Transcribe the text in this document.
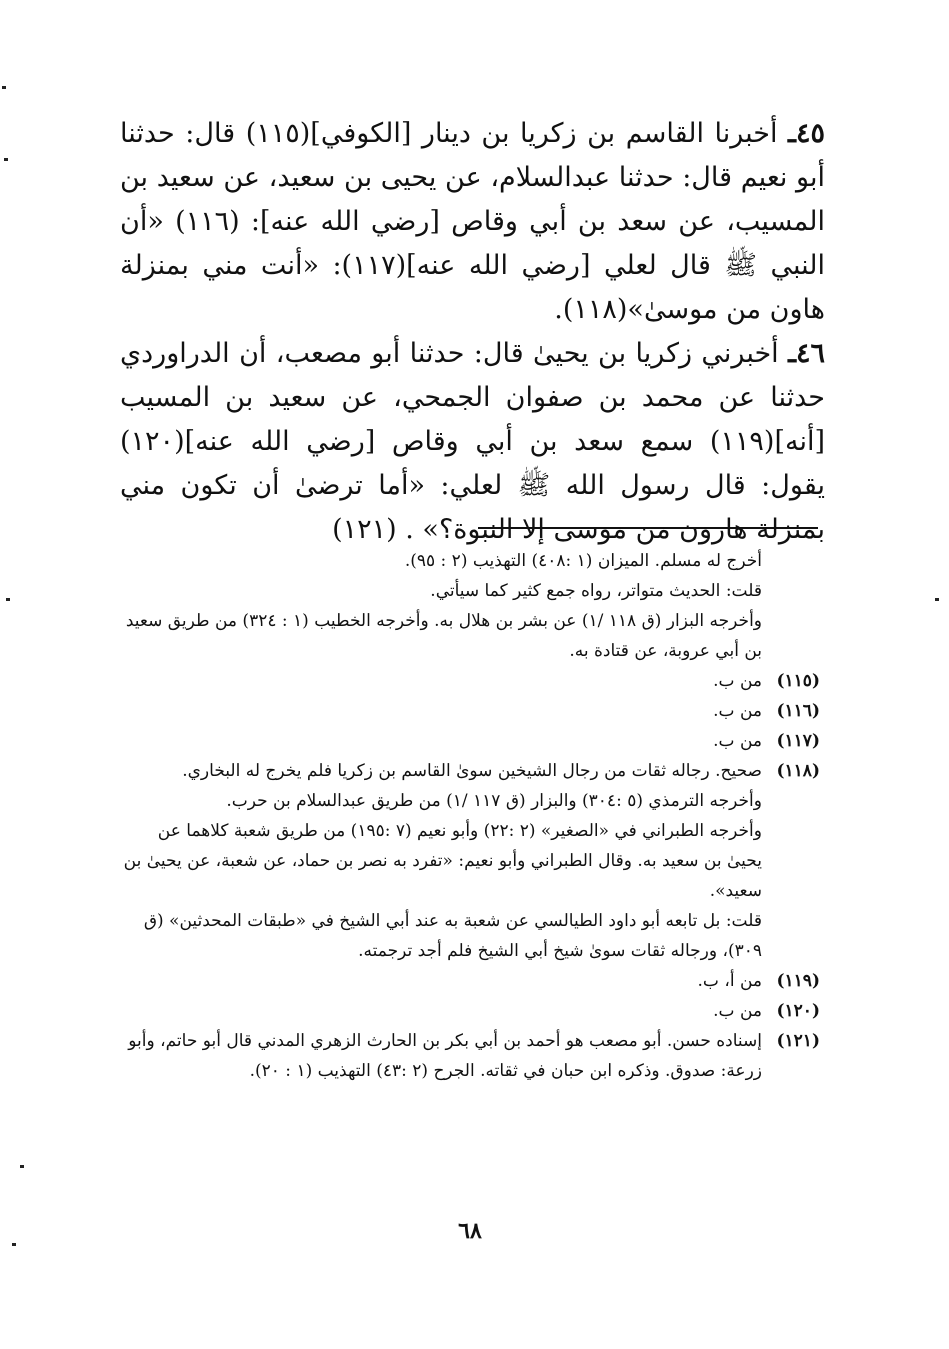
٤٥ـ أخبرنا القاسم بن زكريا بن دينار [الكوفي](١١٥) قال: حدثنا أبو نعيم قال: حدثنا عبدالسلام، عن يحيى بن سعيد، عن سعيد بن المسيب، عن سعد بن أبي وقاص [رضي الله عنه]: (١١٦) «أن النبي ﷺ قال لعلي [رضي الله عنه](١١٧): «أنت مني بمنزلة هاون من موسىٰ»(١١٨).

٤٦ـ أخبرني زكريا بن يحيىٰ قال: حدثنا أبو مصعب، أن الدراوردي حدثنا عن محمد بن صفوان الجمحي، عن سعيد بن المسيب [أنه](١١٩) سمع سعد بن أبي وقاص [رضي الله عنه](١٢٠) يقول: قال رسول الله ﷺ لعلي: «أما ترضىٰ أن تكون مني بمنزلة هارون من موسى إلا النبوة؟» . (١٢١)

أخرج له مسلم. الميزان (١ :٤٠٨) التهذيب (٢ : ٩٥).

قلت: الحديث متواتر، رواه جمع كثير كما سيأتي.

وأخرجه البزار (ق ١١٨ /١) عن بشر بن هلال به. وأخرجه الخطيب (١ : ٣٢٤) من طريق سعيد بن أبي عروبة، عن قتادة به.

(١١٥)
من ب.
(١١٦)
من ب.
(١١٧)
من ب.
(١١٨)
صحيح. رجاله ثقات من رجال الشيخين سوىٰ القاسم بن زكريا فلم يخرج له البخاري.
وأخرجه الترمذي (٥ :٣٠٤) والبزار (ق ١١٧ /١) من طريق عبدالسلام بن حرب.
وأخرجه الطبراني في «الصغير» (٢ :٢٢) وأبو نعيم (٧ :١٩٥) من طريق شعبة كلاهما عن يحيىٰ بن سعيد به. وقال الطبراني وأبو نعيم: «تفرد به نصر بن حماد، عن شعبة، عن يحيىٰ بن سعيد».
قلت: بل تابعه أبو داود الطيالسي عن شعبة به عند أبي الشيخ في «طبقات المحدثين» (ق ٣٠٩)، ورجاله ثقات سوىٰ شيخ أبي الشيخ فلم أجد ترجمته.
(١١٩)
من أ، ب.
(١٢٠)
من ب.
(١٢١)
إسناده حسن. أبو مصعب هو أحمد بن أبي بكر بن الحارث الزهري المدني قال أبو حاتم، وأبو زرعة: صدوق. وذكره ابن حبان في ثقاته. الجرح (٢ :٤٣) التهذيب (١ : ٢٠).
٦٨
